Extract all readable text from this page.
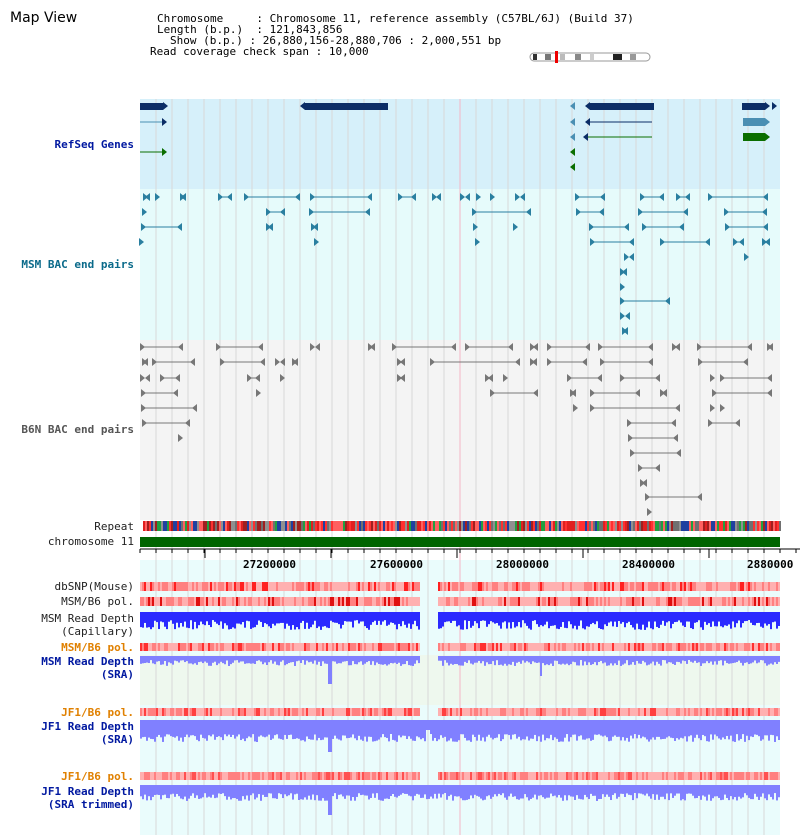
Map View	Chromosome     : Chromosome 11, reference assembly (C57BL/6J) (Build 37)
Length (b.p.)  : 121,843,856
Show (b.p.) : 26,880,156-28,880,706 : 2,000,551 bp
Read coverage check span : 10,000
RefSeq Genes
MSM BAC end pairs
B6N BAC end pairs
Repeat
chromosome 11
dbSNP(Mouse)
MSM/B6 pol.
MSM Read Depth
(Capillary)
MSM/B6 pol.
MSM Read Depth
(SRA)
JF1/B6 pol.
JF1 Read Depth
(SRA)
JF1/B6 pol.
JF1 Read Depth
(SRA trimmed)
27200000	27600000	28000000	28400000	2880000
